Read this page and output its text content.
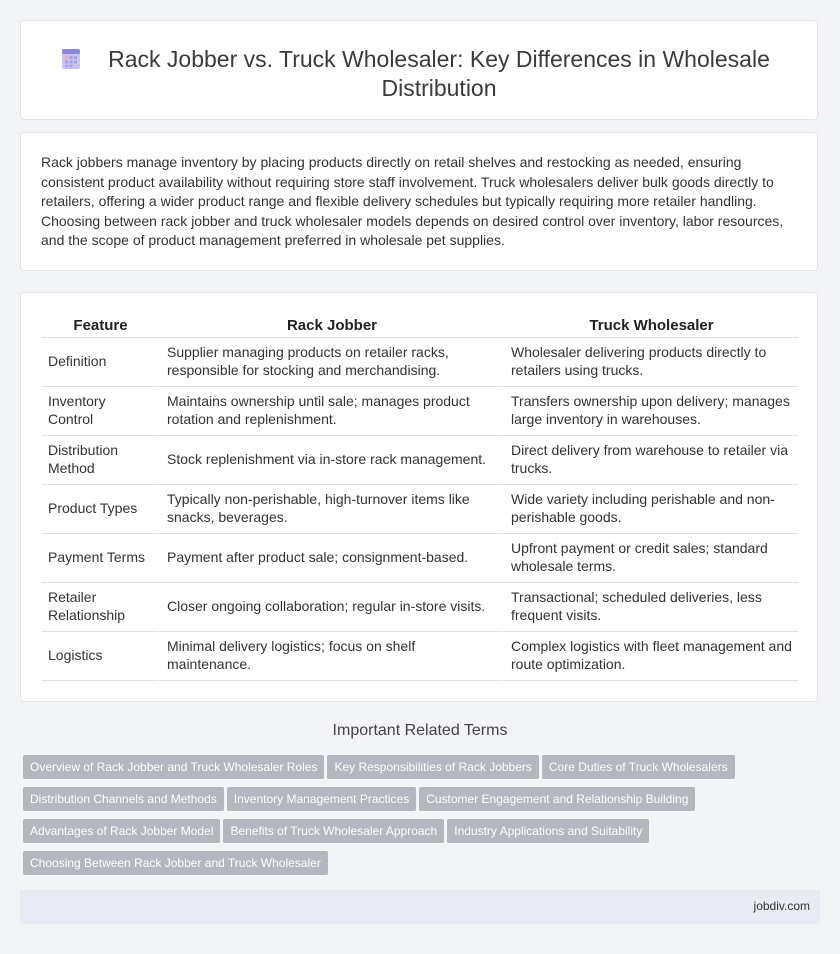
Rack Jobber vs. Truck Wholesaler: Key Differences in Wholesale Distribution

Rack jobbers manage inventory by placing products directly on retail shelves and restocking as needed, ensuring consistent product availability without requiring store staff involvement. Truck wholesalers deliver bulk goods directly to retailers, offering a wider product range and flexible delivery schedules but typically requiring more retailer handling. Choosing between rack jobber and truck wholesaler models depends on desired control over inventory, labor resources, and the scope of product management preferred in wholesale pet supplies.

Feature	Rack Jobber	Truck Wholesaler
Definition	Supplier managing products on retailer racks, responsible for stocking and merchandising.	Wholesaler delivering products directly to retailers using trucks.
Inventory Control	Maintains ownership until sale; manages product rotation and replenishment.	Transfers ownership upon delivery; manages large inventory in warehouses.
Distribution Method	Stock replenishment via in-store rack management.	Direct delivery from warehouse to retailer via trucks.
Product Types	Typically non-perishable, high-turnover items like snacks, beverages.	Wide variety including perishable and non-perishable goods.
Payment Terms	Payment after product sale; consignment-based.	Upfront payment or credit sales; standard wholesale terms.
Retailer Relationship	Closer ongoing collaboration; regular in-store visits.	Transactional; scheduled deliveries, less frequent visits.
Logistics	Minimal delivery logistics; focus on shelf maintenance.	Complex logistics with fleet management and route optimization.
Important Related Terms
Overview of Rack Jobber and Truck Wholesaler Roles Key Responsibilities of Rack Jobbers Core Duties of Truck Wholesalers
Distribution Channels and Methods Inventory Management Practices Customer Engagement and Relationship Building
Advantages of Rack Jobber Model Benefits of Truck Wholesaler Approach Industry Applications and Suitability
Choosing Between Rack Jobber and Truck Wholesaler
jobdiv.com
